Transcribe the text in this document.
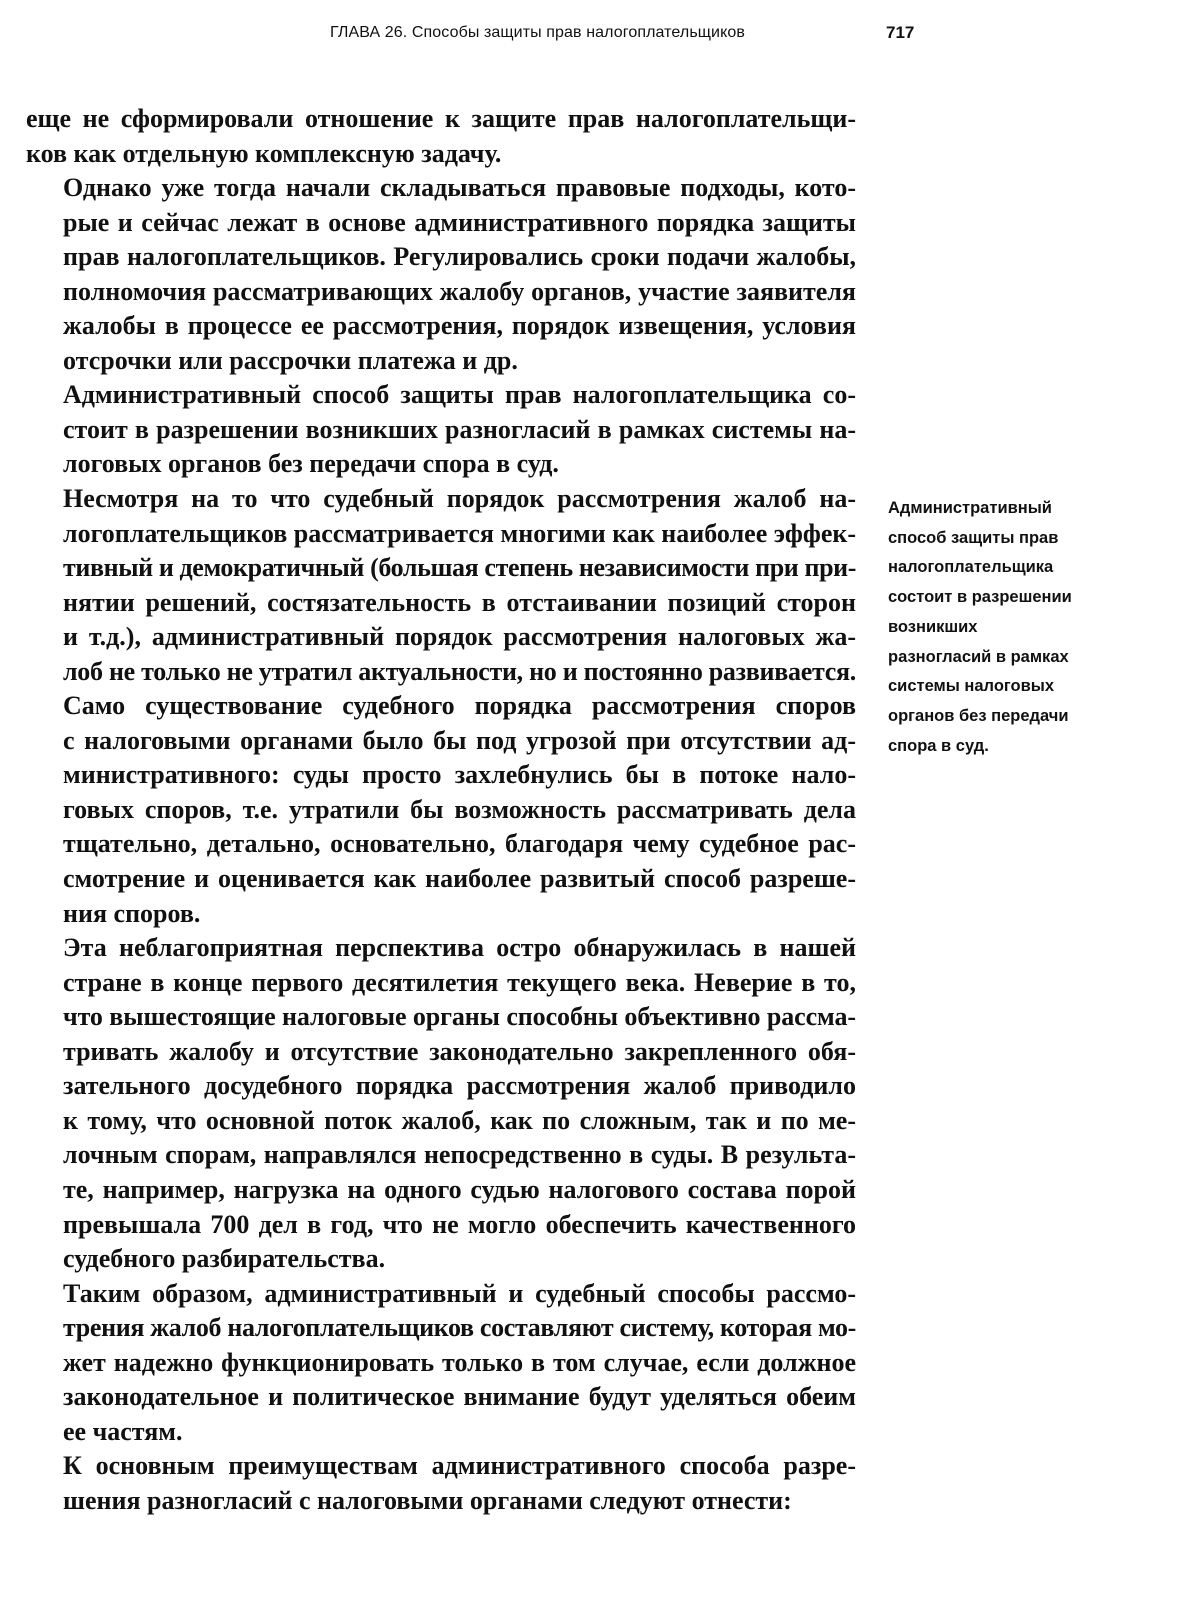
ГЛАВА 26. Способы защиты прав налогоплательщиков	717

еще не сформировали отношение к защите прав налогоплательщи-
ков как отдельную комплексную задачу.

Однако уже тогда начали складываться правовые подходы, кото-
рые и сейчас лежат в основе административного порядка защиты
прав налогоплательщиков. Регулировались сроки подачи жалобы,
полномочия рассматривающих жалобу органов, участие заявителя
жалобы в процессе ее рассмотрения, порядок извещения, условия
отсрочки или рассрочки платежа и др.

Административный способ защиты прав налогоплательщика со-
стоит в разрешении возникших разногласий в рамках системы на-
логовых органов без передачи спора в суд.

Несмотря на то что судебный порядок рассмотрения жалоб на-
логоплательщиков рассматривается многими как наиболее эффек-
тивный и демократичный (большая степень независимости при при-
нятии решений, состязательность в отстаивании позиций сторон
и т.д.), административный порядок рассмотрения налоговых жа-
лоб не только не утратил актуальности, но и постоянно развивается.

Само существование судебного порядка рассмотрения споров
с налоговыми органами было бы под угрозой при отсутствии ад-
министративного: суды просто захлебнулись бы в потоке нало-
говых споров, т.е. утратили бы возможность рассматривать дела
тщательно, детально, основательно, благодаря чему судебное рас-
смотрение и оценивается как наиболее развитый способ разреше-
ния споров.

Эта неблагоприятная перспектива остро обнаружилась в нашей
стране в конце первого десятилетия текущего века. Неверие в то,
что вышестоящие налоговые органы способны объективно рассма-
тривать жалобу и отсутствие законодательно закрепленного обя-
зательного досудебного порядка рассмотрения жалоб приводило
к тому, что основной поток жалоб, как по сложным, так и по ме-
лочным спорам, направлялся непосредственно в суды. В результа-
те, например, нагрузка на одного судью налогового состава порой
превышала 700 дел в год, что не могло обеспечить качественного
судебного разбирательства.

Таким образом, административный и судебный способы рассмо-
трения жалоб налогоплательщиков составляют систему, которая мо-
жет надежно функционировать только в том случае, если должное
законодательное и политическое внимание будут уделяться обеим
ее частям.

К основным преимуществам административного способа разре-
шения разногласий с налоговыми органами следуют отнести:

Административный
способ защиты прав
налогоплательщика
состоит в разрешении
возникших
разногласий в рамках
системы налоговых
органов без передачи
спора в суд.
